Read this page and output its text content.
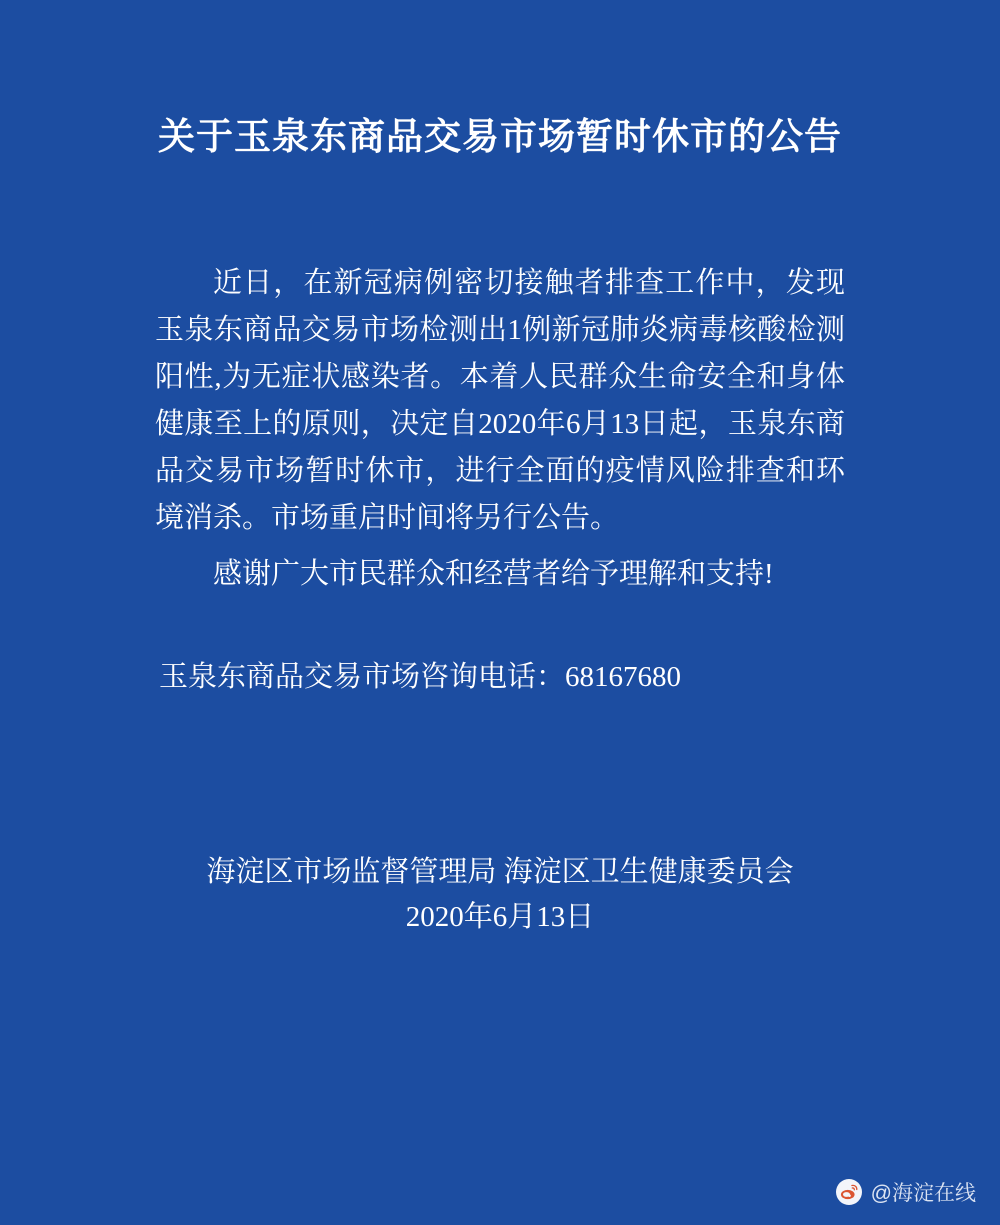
关于玉泉东商品交易市场暂时休市的公告

近日，在新冠病例密切接触者排查工作中，发现玉泉东商品交易市场检测出1例新冠肺炎病毒核酸检测阳性,为无症状感染者。本着人民群众生命安全和身体健康至上的原则，决定自2020年6月13日起，玉泉东商品交易市场暂时休市，进行全面的疫情风险排查和环境消杀。市场重启时间将另行公告。

感谢广大市民群众和经营者给予理解和支持!

玉泉东商品交易市场咨询电话：68167680

海淀区市场监督管理局 海淀区卫生健康委员会
2020年6月13日
@海淀在线
